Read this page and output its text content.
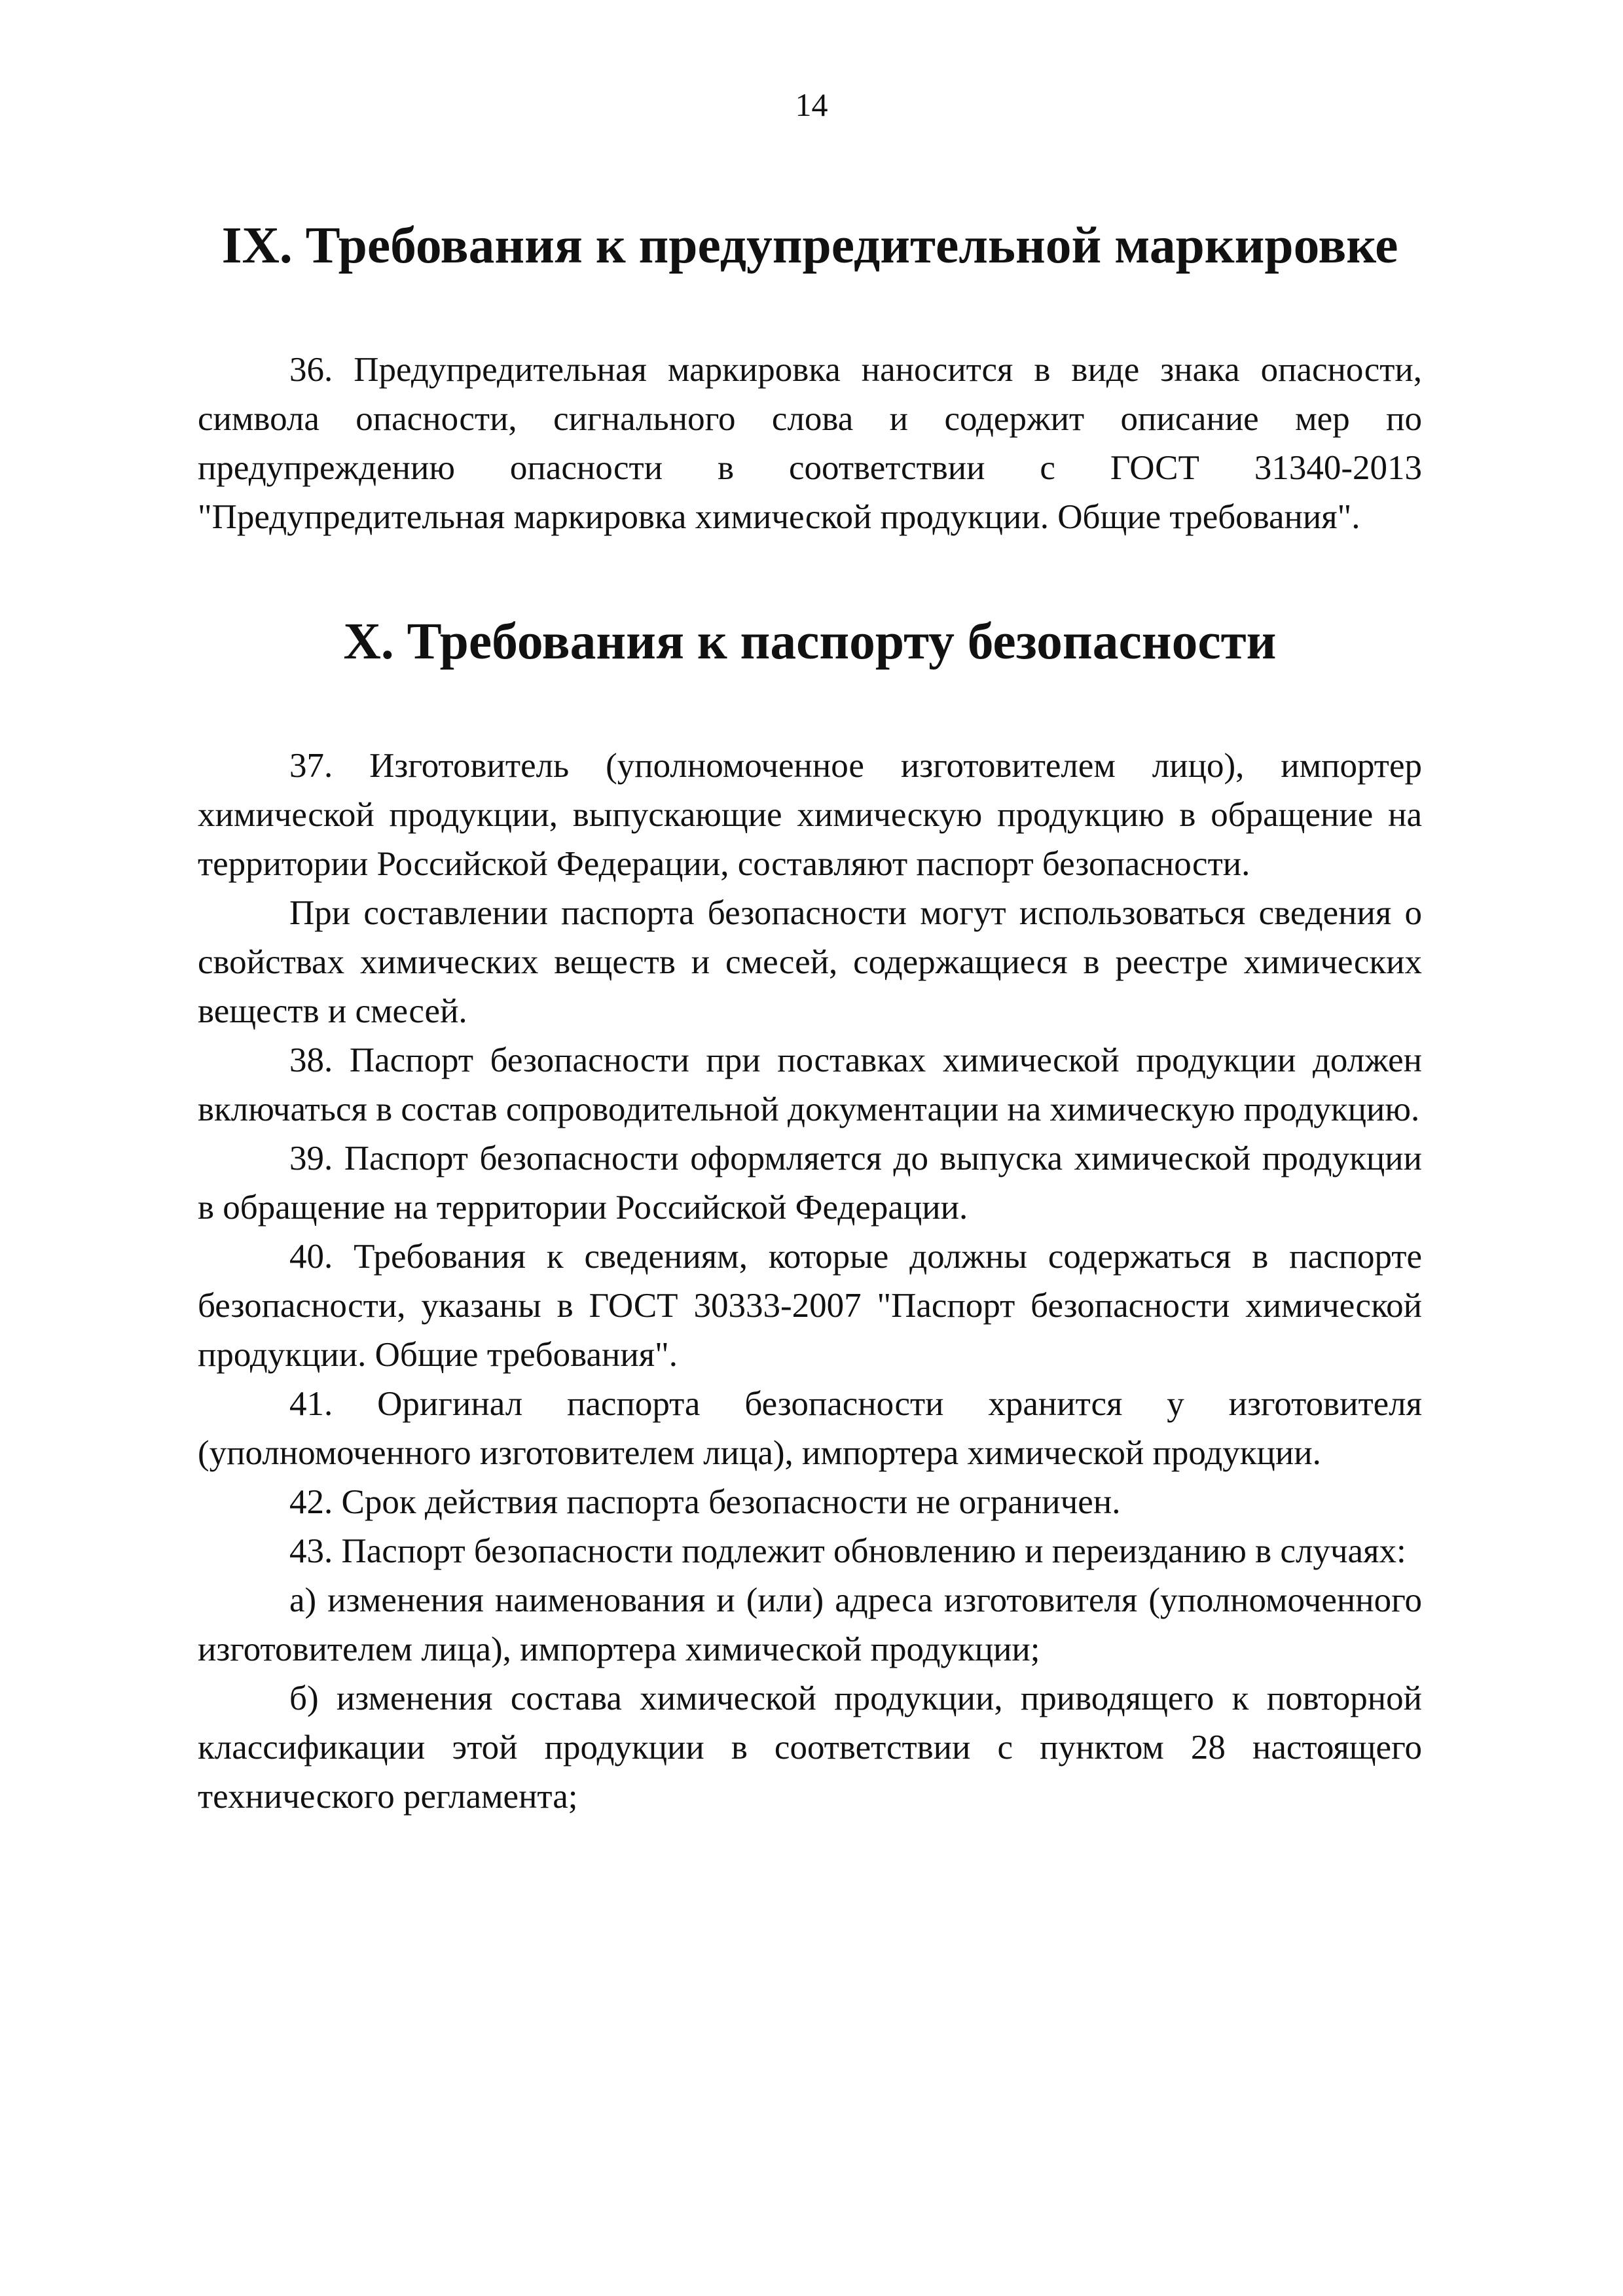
14
IX. Требования к предупредительной маркировке

36. Предупредительная маркировка наносится в виде знака опасности, символа опасности, сигнального слова и содержит описание мер по предупреждению опасности в соответствии с ГОСТ 31340-2013 "Предупредительная маркировка химической продукции. Общие требования".

X. Требования к паспорту безопасности

37. Изготовитель (уполномоченное изготовителем лицо), импортер химической продукции, выпускающие химическую продукцию в обращение на территории Российской Федерации, составляют паспорт безопасности.

При составлении паспорта безопасности могут использоваться сведения о свойствах химических веществ и смесей, содержащиеся в реестре химических веществ и смесей.

38. Паспорт безопасности при поставках химической продукции должен включаться в состав сопроводительной документации на химическую продукцию.

39. Паспорт безопасности оформляется до выпуска химической продукции в обращение на территории Российской Федерации.

40. Требования к сведениям, которые должны содержаться в паспорте безопасности, указаны в ГОСТ 30333-2007 "Паспорт безопасности химической продукции. Общие требования".

41. Оригинал паспорта безопасности хранится у изготовителя (уполномоченного изготовителем лица), импортера химической продукции.

42. Срок действия паспорта безопасности не ограничен.

43. Паспорт безопасности подлежит обновлению и переизданию в случаях:

а) изменения наименования и (или) адреса изготовителя (уполномоченного изготовителем лица), импортера химической продукции;

б) изменения состава химической продукции, приводящего к повторной классификации этой продукции в соответствии с пунктом 28 настоящего технического регламента;
